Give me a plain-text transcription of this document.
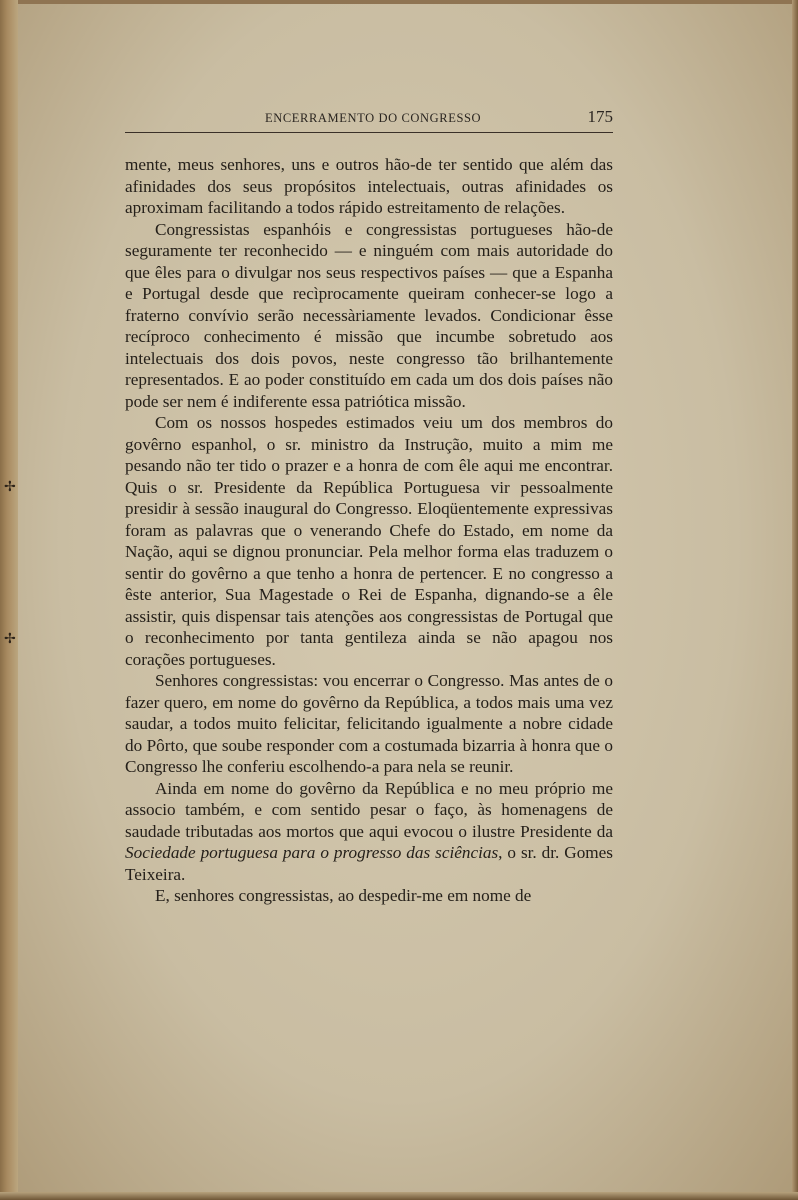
✢
✢
ENCERRAMENTO DO CONGRESSO	175

mente, meus senhores, uns e outros hão-de ter sentido que além das afinidades dos seus propósitos intelectuais, outras afinidades os aproximam facilitando a todos rápido estreitamento de relações.

Congressistas espanhóis e congressistas portugueses hão-de seguramente ter reconhecido — e ninguém com mais autoridade do que êles para o divulgar nos seus respectivos países — que a Espanha e Portugal desde que recìprocamente queiram conhecer-se logo a fraterno convívio serão necessàriamente levados. Condicionar êsse recíproco conhecimento é missão que incumbe sobretudo aos intelectuais dos dois povos, neste congresso tão brilhantemente representados. E ao poder constituído em cada um dos dois países não pode ser nem é indiferente essa patriótica missão.

Com os nossos hospedes estimados veiu um dos membros do govêrno espanhol, o sr. ministro da Instrução, muito a mim me pesando não ter tido o prazer e a honra de com êle aqui me encontrar. Quis o sr. Presidente da República Portuguesa vir pessoalmente presidir à sessão inaugural do Congresso. Eloqüentemente expressivas foram as palavras que o venerando Chefe do Estado, em nome da Nação, aqui se dignou pronunciar. Pela melhor forma elas traduzem o sentir do govêrno a que tenho a honra de pertencer. E no congresso a êste anterior, Sua Magestade o Rei de Espanha, dignando-se a êle assistir, quis dispensar tais atenções aos congressistas de Portugal que o reconhecimento por tanta gentileza ainda se não apagou nos corações portugueses.

Senhores congressistas: vou encerrar o Congresso. Mas antes de o fazer quero, em nome do govêrno da República, a todos mais uma vez saudar, a todos muito felicitar, felicitando igualmente a nobre cidade do Pôrto, que soube responder com a costumada bizarria à honra que o Congresso lhe conferiu escolhendo-a para nela se reunir.

Ainda em nome do govêrno da República e no meu próprio me associo também, e com sentido pesar o faço, às homenagens de saudade tributadas aos mortos que aqui evocou o ilustre Presidente da Sociedade portuguesa para o progresso das sciências, o sr. dr. Gomes Teixeira.

E, senhores congressistas, ao despedir-me em nome de
